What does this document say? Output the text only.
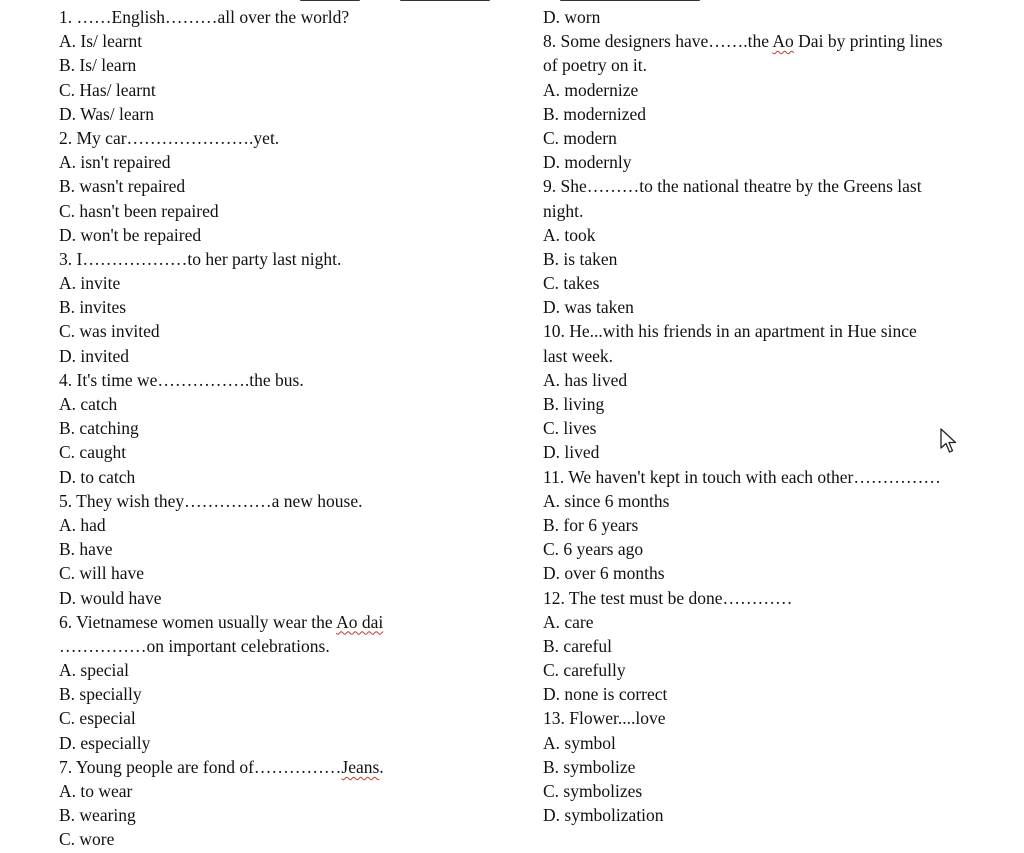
1. ……English………all over the world?
A. Is/ learnt
B. Is/ learn
C. Has/ learnt
D. Was/ learn
2. My car………………….yet.
A. isn't repaired
B. wasn't repaired
C. hasn't been repaired
D. won't be repaired
3. I………………to her party last night.
A. invite
B. invites
C. was invited
D. invited
4. It's time we…………….the bus.
A. catch
B. catching
C. caught
D. to catch
5. They wish they……………a new house.
A. had
B. have
C. will have
D. would have
6. Vietnamese women usually wear the Ao dai
……………on important celebrations.
A. special
B. specially
C. especial
D. especially
7. Young people are fond of……………Jeans.
A. to wear
B. wearing
C. wore
D. worn
8. Some designers have…….the Ao Dai by printing lines
of poetry on it.
A. modernize
B. modernized
C. modern
D. modernly
9. She………to the national theatre by the Greens last
night.
A. took
B. is taken
C. takes
D. was taken
10. He...with his friends in an apartment in Hue since
last week.
A. has lived
B. living
C. lives
D. lived
11. We haven't kept in touch with each other……………
A. since 6 months
B. for 6 years
C. 6 years ago
D. over 6 months
12. The test must be done…………
A. care
B. careful
C. carefully
D. none is correct
13. Flower....love
A. symbol
B. symbolize
C. symbolizes
D. symbolization
